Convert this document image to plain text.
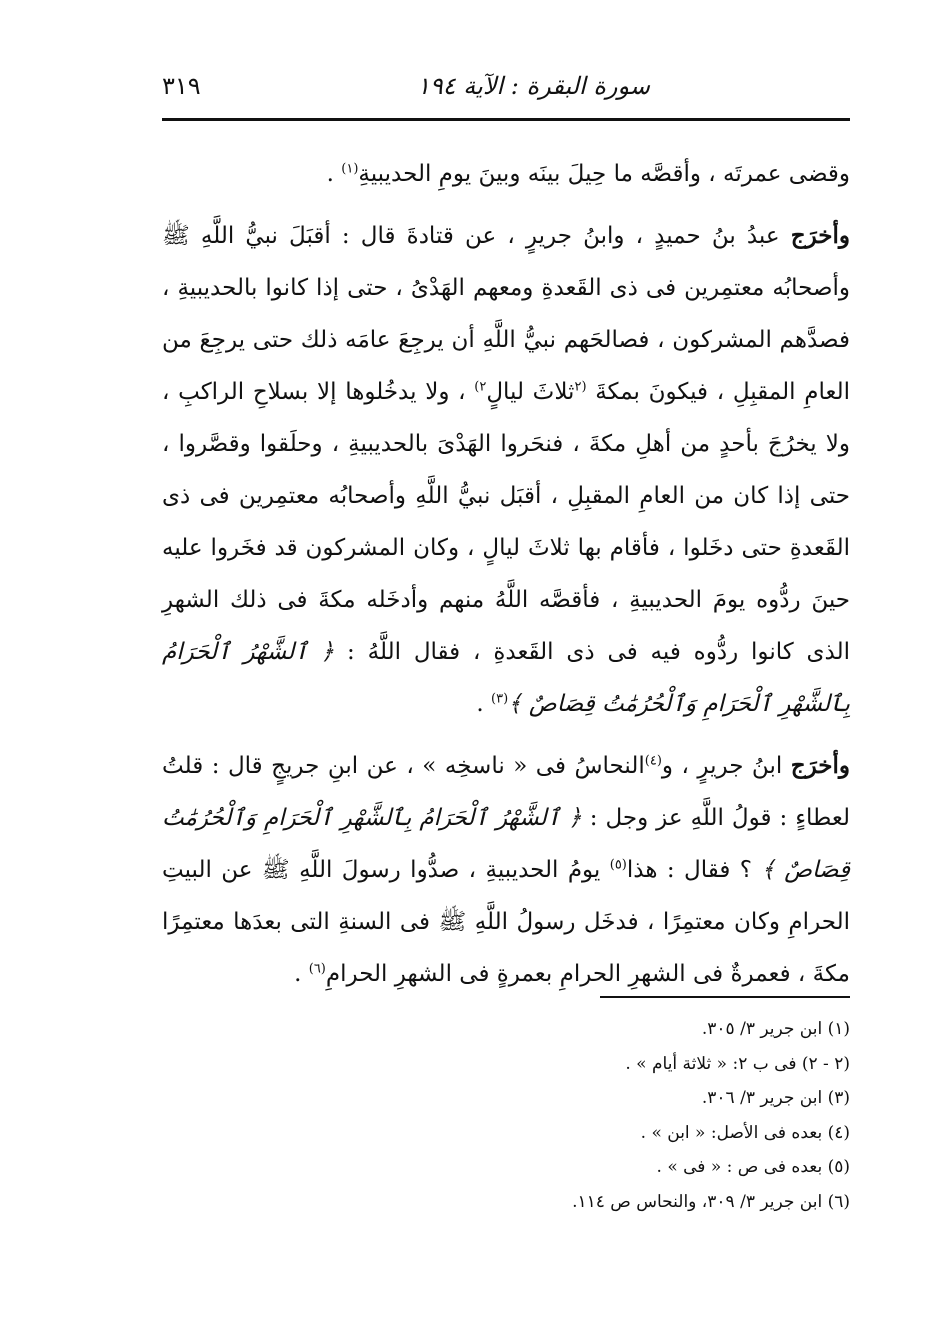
سورة البقرة : الآية ١٩٤
٣١٩

وقضى عمرتَه ، وأقصَّه ما حِيلَ بينَه وبينَ يومِ الحديبيةِ$^{(١)}$ .

وأخرَج عبدُ بنُ حميدٍ ، وابنُ جريرٍ ، عن قتادةَ قال : أقبَلَ نبيُّ اللَّهِ ﷺ وأصحابُه معتمِرين فى ذى القَعدةِ ومعهم الهَدْىُ ، حتى إذا كانوا بالحديبيةِ ، فصدَّهم المشركون ، فصالحَهم نبيُّ اللَّهِ أن يرجِعَ عامَه ذلك حتى يرجِعَ من العامِ المقبِلِ ، فيكونَ بمكةَ $^{(٢}$ثلاثَ ليالٍ$^{٢)}$ ، ولا يدخُلوها إلا بسلاحِ الراكبِ ، ولا يخرُجَ بأحدٍ من أهلِ مكةَ ، فنحَروا الهَدْىَ بالحديبيةِ ، وحلَقوا وقصَّروا ، حتى إذا كان من العامِ المقبِلِ ، أقبَل نبيُّ اللَّهِ وأصحابُه معتمِرين فى ذى القَعدةِ حتى دخَلوا ، فأقام بها ثلاثَ ليالٍ ، وكان المشركون قد فخَروا عليه حينَ ردُّوه يومَ الحديبيةِ ، فأقصَّه اللَّهُ منهم وأدخَله مكةَ فى ذلك الشهرِ الذى كانوا ردُّوه فيه فى ذى القَعدةِ ، فقال اللَّهُ : ﴿ ٱلشَّهْرُ ٱلْحَرَامُ بِٱلشَّهْرِ ٱلْحَرَامِ وَٱلْحُرُمَٰتُ قِصَاصٌ ﴾$^{(٣)}$ .

وأخرَج ابنُ جريرٍ ، و$^{(٤)}$النحاسُ فى « ناسخِه » ، عن ابنِ جريجٍ قال : قلتُ لعطاءٍ : قولُ اللَّهِ عز وجل : ﴿ ٱلشَّهْرُ ٱلْحَرَامُ بِٱلشَّهْرِ ٱلْحَرَامِ وَٱلْحُرُمَٰتُ قِصَاصٌ ﴾ ؟ فقال : هذا$^{(٥)}$ يومُ الحديبيةِ ، صدُّوا رسولَ اللَّهِ ﷺ عن البيتِ الحرامِ وكان معتمِرًا ، فدخَل رسولُ اللَّهِ ﷺ فى السنةِ التى بعدَها معتمِرًا مكةَ ، فعمرةٌ فى الشهرِ الحرامِ بعمرةٍ فى الشهرِ الحرامِ$^{(٦)}$ .

(١) ابن جرير ٣/ ٣٠٥.

(٢ - ٢) فى ب ٢: « ثلاثة أيام » .

(٣) ابن جرير ٣/ ٣٠٦.

(٤) بعده فى الأصل: « ابن » .

(٥) بعده فى ص : « فى » .

(٦) ابن جرير ٣/ ٣٠٩، والنحاس ص ١١٤.
